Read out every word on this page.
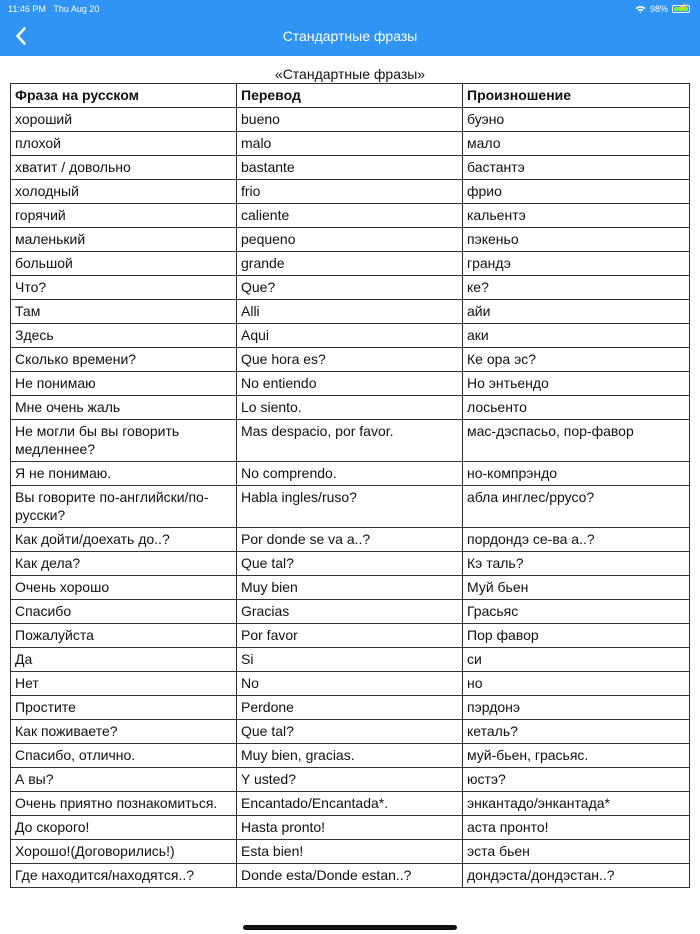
11:46 PM Thu Aug 20	98% ⚡
Стандартные фразы
«Стандартные фразы»
Фраза на русском	Перевод	Произношение
хороший	bueno	буэно
плохой	malo	мало
хватит / довольно	bastante	бастантэ
холодный	frio	фрио
горячий	caliente	кальентэ
маленький	pequeno	пэкеньо
большой	grande	грандэ
Что?	Que?	ке?
Там	Alli	айи
Здесь	Aqui	аки
Сколько времени?	Que hora es?	Ке ора эс?
Не понимаю	No entiendo	Но энтьендо
Мне очень жаль	Lo siento.	лосьенто
Не могли бы вы говорить медленнее?	Mas despacio, por favor.	мас-дэспасьо, пор-фавор
Я не понимаю.	No comprendo.	но-компрэндо
Вы говорите по-английски/по-русски?	Habla ingles/ruso?	абла инглес/ррусо?
Как дойти/доехать до..?	Por donde se va a..?	пордондэ се-ва а..?
Как дела?	Que tal?	Кэ таль?
Очень хорошо	Muy bien	Муй бьен
Спасибо	Gracias	Грасьяс
Пожалуйста	Por favor	Пор фавор
Да	Si	си
Нет	No	но
Простите	Perdone	пэрдонэ
Как поживаете?	Que tal?	кеталь?
Спасибо, отлично.	Muy bien, gracias.	муй-бьен, грасьяс.
А вы?	Y usted?	юстэ?
Очень приятно познакомиться.	Encantado/Encantada*.	энкантадо/энкантада*
До скорого!	Hasta pronto!	аста пронто!
Хорошо!(Договорились!)	Esta bien!	эста бьен
Где находится/находятся..?	Donde esta/Donde estan..?	дондэста/дондэстан..?
